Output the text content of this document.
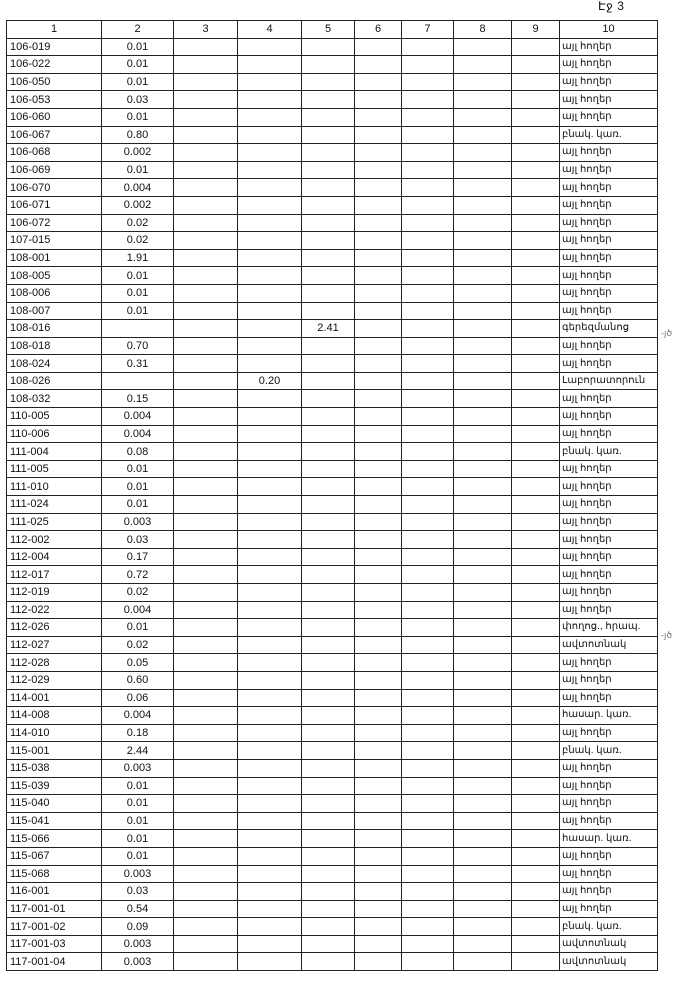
Էջ 3
-յծ
-յծ
1	2	3	4	5	6	7	8	9	10
106-019	0.01								այլ հողեր
106-022	0.01								այլ հողեր
106-050	0.01								այլ հողեր
106-053	0.03								այլ հողեր
106-060	0.01								այլ հողեր
106-067	0.80								բնակ. կառ.
106-068	0.002								այլ հողեր
106-069	0.01								այլ հողեր
106-070	0.004								այլ հողեր
106-071	0.002								այլ հողեր
106-072	0.02								այլ հողեր
107-015	0.02								այլ հողեր
108-001	1.91								այլ հողեր
108-005	0.01								այլ հողեր
108-006	0.01								այլ հողեր
108-007	0.01								այլ հողեր
108-016				2.41					գերեզմանոց
108-018	0.70								այլ հողեր
108-024	0.31								այլ հողեր
108-026			0.20						Լաբորատորուն
108-032	0.15								այլ հողեր
110-005	0.004								այլ հողեր
110-006	0.004								այլ հողեր
111-004	0.08								բնակ. կառ.
111-005	0.01								այլ հողեր
111-010	0.01								այլ հողեր
111-024	0.01								այլ հողեր
111-025	0.003								այլ հողեր
112-002	0.03								այլ հողեր
112-004	0.17								այլ հողեր
112-017	0.72								այլ հողեր
112-019	0.02								այլ հողեր
112-022	0.004								այլ հողեր
112-026	0.01								փողոց., հրապ.
112-027	0.02								ավտոտնակ
112-028	0.05								այլ հողեր
112-029	0.60								այլ հողեր
114-001	0.06								այլ հողեր
114-008	0.004								հասար. կառ.
114-010	0.18								այլ հողեր
115-001	2.44								բնակ. կառ.
115-038	0.003								այլ հողեր
115-039	0.01								այլ հողեր
115-040	0.01								այլ հողեր
115-041	0.01								այլ հողեր
115-066	0.01								հասար. կառ.
115-067	0.01								այլ հողեր
115-068	0.003								այլ հողեր
116-001	0.03								այլ հողեր
117-001-01	0.54								այլ հողեր
117-001-02	0.09								բնակ. կառ.
117-001-03	0.003								ավտոտնակ
117-001-04	0.003								ավտոտնակ
